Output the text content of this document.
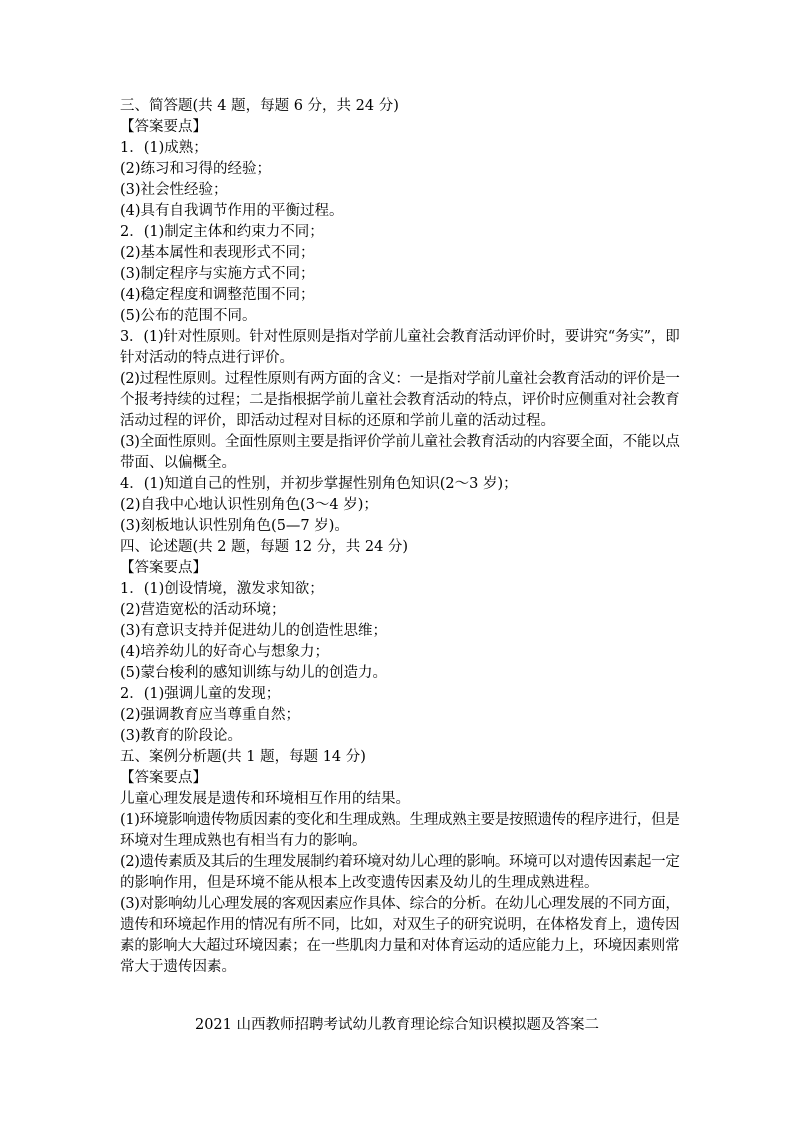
三、简答题(共 4 题，每题 6 分，共 24 分)
【答案要点】
1．(1)成熟；
(2)练习和习得的经验；
(3)社会性经验；
(4)具有自我调节作用的平衡过程。
2．(1)制定主体和约束力不同；
(2)基本属性和表现形式不同；
(3)制定程序与实施方式不同；
(4)稳定程度和调整范围不同；
(5)公布的范围不同。
3．(1)针对性原则。针对性原则是指对学前儿童社会教育活动评价时，要讲究“务实”，即
针对活动的特点进行评价。
(2)过程性原则。过程性原则有两方面的含义：一是指对学前儿童社会教育活动的评价是一
个报考持续的过程；二是指根据学前儿童社会教育活动的特点，评价时应侧重对社会教育
活动过程的评价，即活动过程对目标的还原和学前儿童的活动过程。
(3)全面性原则。全面性原则主要是指评价学前儿童社会教育活动的内容要全面，不能以点
带面、以偏概全。
4．(1)知道自己的性别，并初步掌握性别角色知识(2～3 岁)；
(2)自我中心地认识性别角色(3～4 岁)；
(3)刻板地认识性别角色(5—7 岁)。
四、论述题(共 2 题，每题 12 分，共 24 分)
【答案要点】
1．(1)创设情境，激发求知欲；
(2)营造宽松的活动环境；
(3)有意识支持并促进幼儿的创造性思维；
(4)培养幼儿的好奇心与想象力；
(5)蒙台梭利的感知训练与幼儿的创造力。
2．(1)强调儿童的发现；
(2)强调教育应当尊重自然；
(3)教育的阶段论。
五、案例分析题(共 1 题，每题 14 分)
【答案要点】
儿童心理发展是遗传和环境相互作用的结果。
(1)环境影响遗传物质因素的变化和生理成熟。生理成熟主要是按照遗传的程序进行，但是
环境对生理成熟也有相当有力的影响。
(2)遗传素质及其后的生理发展制约着环境对幼儿心理的影响。环境可以对遗传因素起一定
的影响作用，但是环境不能从根本上改变遗传因素及幼儿的生理成熟进程。
(3)对影响幼儿心理发展的客观因素应作具体、综合的分析。在幼儿心理发展的不同方面，
遗传和环境起作用的情况有所不同，比如，对双生子的研究说明，在体格发育上，遗传因
素的影响大大超过环境因素；在一些肌肉力量和对体育运动的适应能力上，环境因素则常
常大于遗传因素。
2021 山西教师招聘考试幼儿教育理论综合知识模拟题及答案二
